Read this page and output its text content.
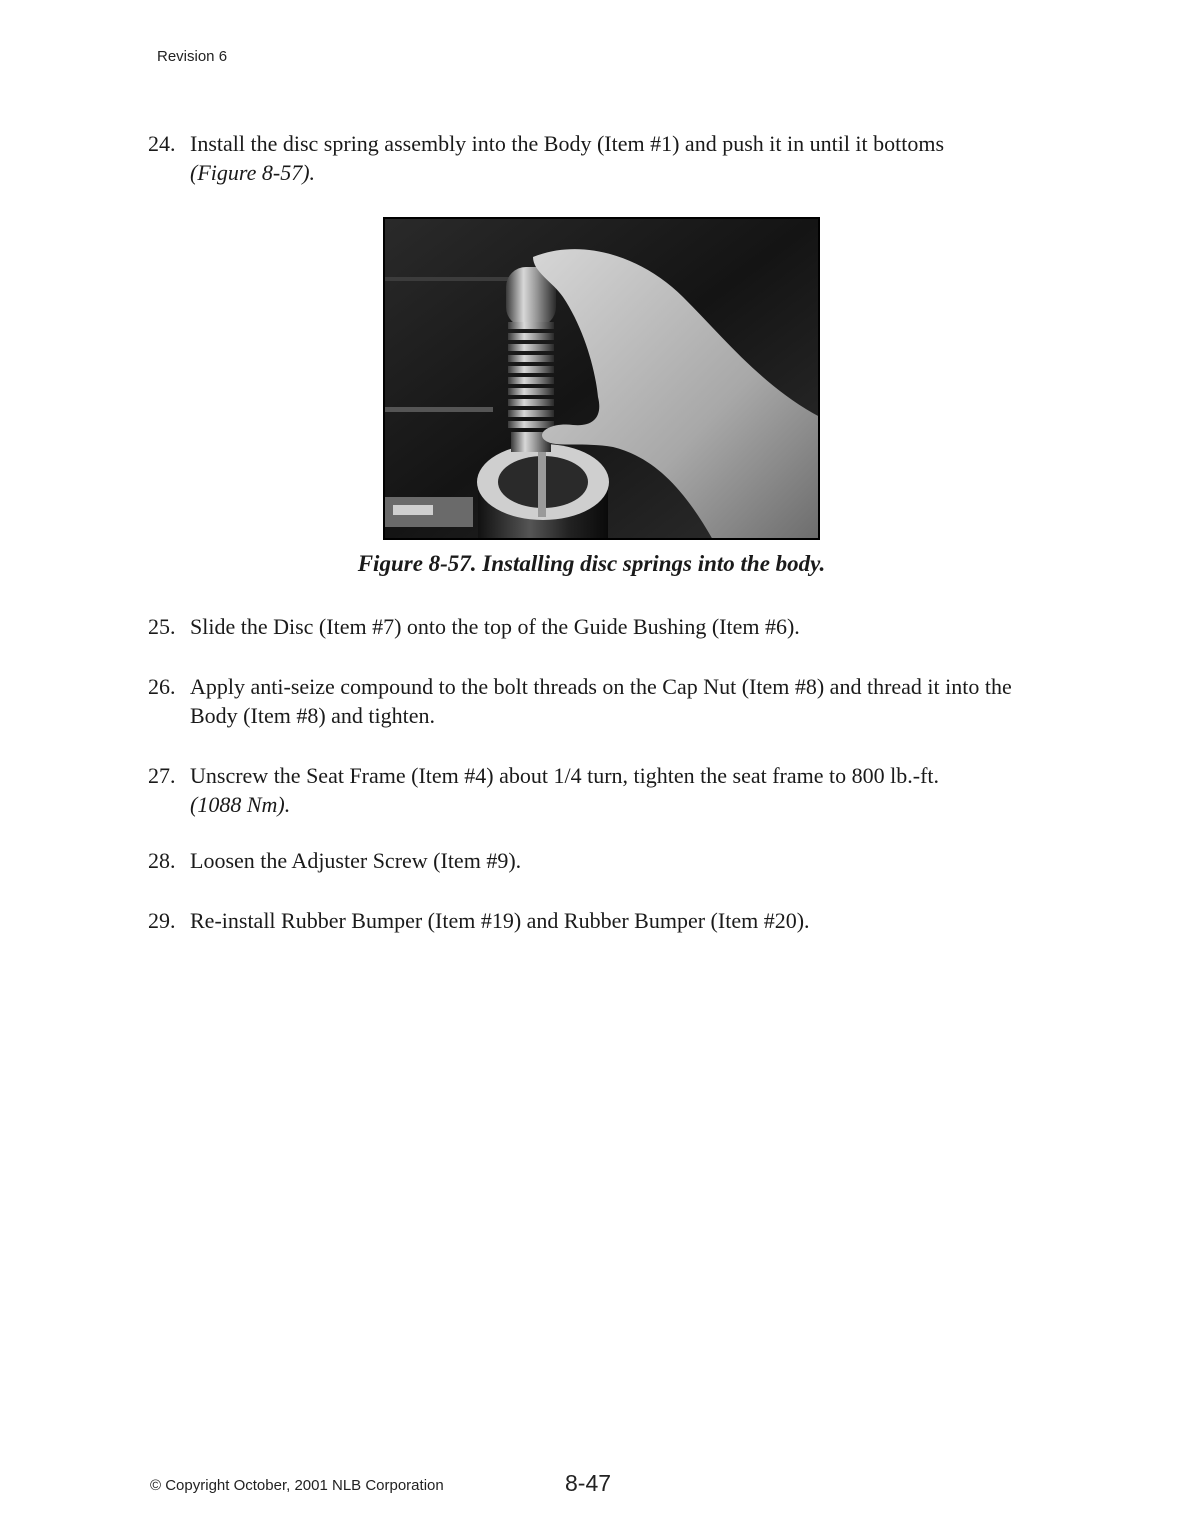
Revision 6
24. Install the disc spring assembly into the Body (Item #1) and push it in until it bottoms
(Figure 8-57).
Figure 8-57. Installing disc springs into the body.
25. Slide the Disc (Item #7) onto the top of the Guide Bushing (Item #6).
26. Apply anti-seize compound to the bolt threads on the Cap Nut (Item #8) and thread it into the Body (Item #8) and tighten.
27. Unscrew the Seat Frame (Item #4) about 1/4 turn, tighten the seat frame to 800 lb.-ft.
(1088 Nm).
28. Loosen the Adjuster Screw (Item #9).
29. Re-install Rubber Bumper (Item #19) and Rubber Bumper (Item #20).
© Copyright October, 2001 NLB Corporation	8-47
